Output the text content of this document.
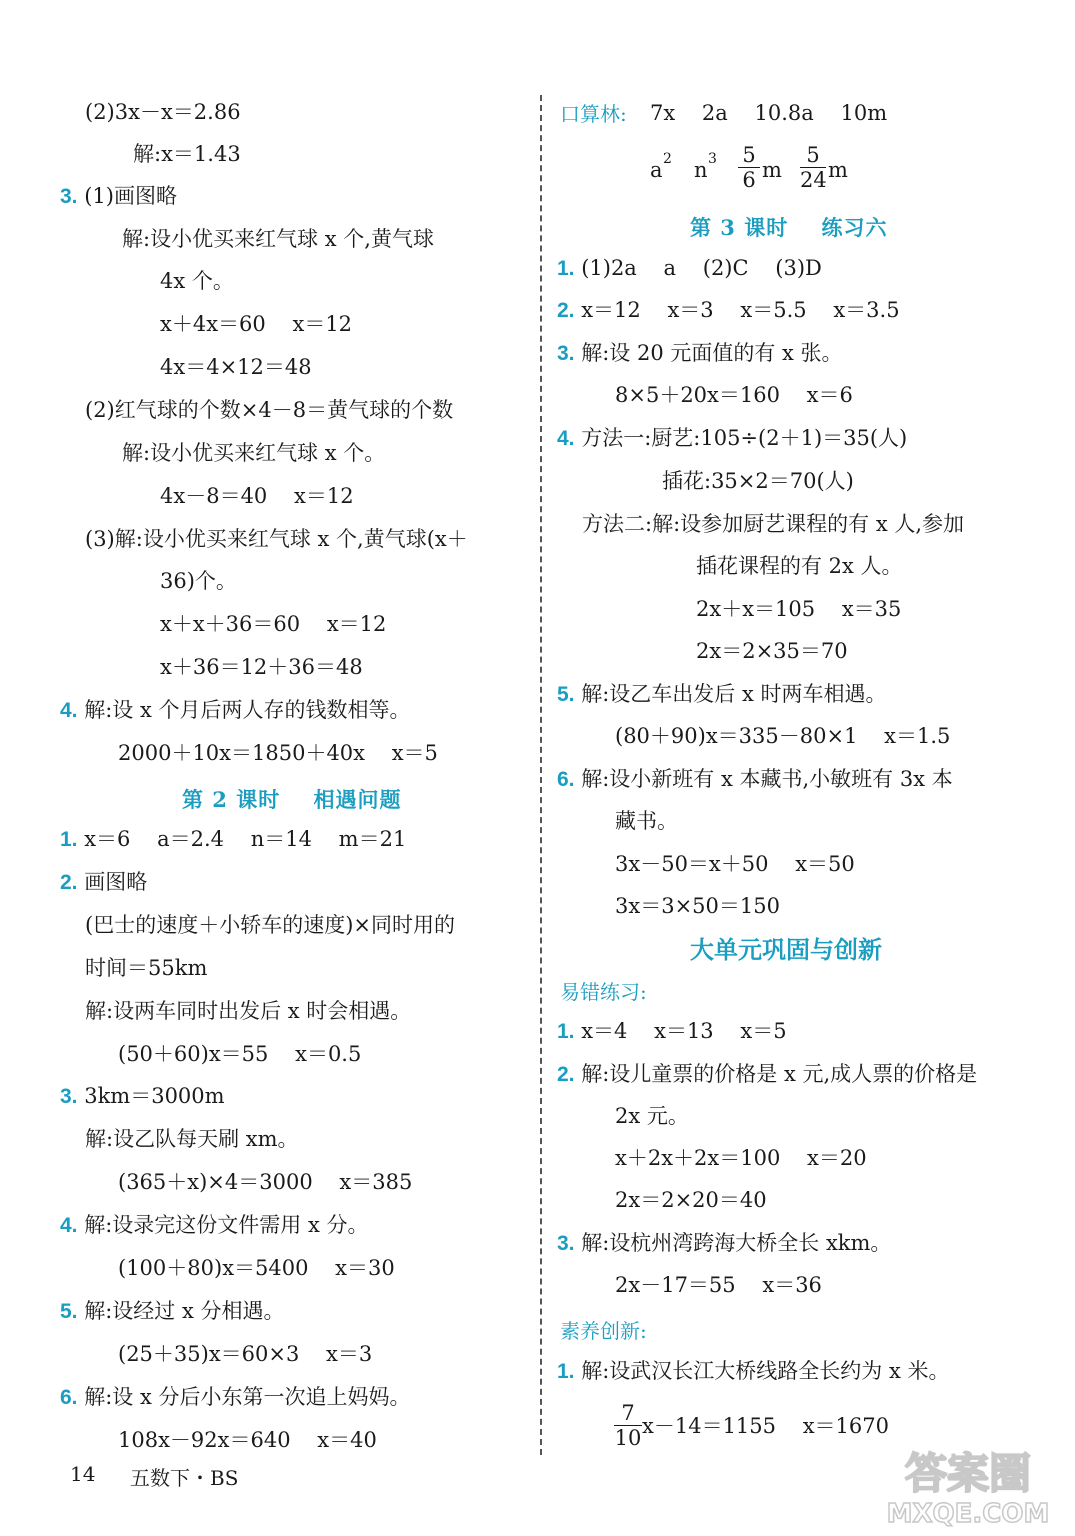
(2)3x－x＝2.86
解:x＝1.43
3. (1)画图略
解:设小优买来红气球 x 个,黄气球
4x 个。
x＋4x＝60    x＝12
4x＝4×12＝48
(2)红气球的个数×4－8＝黄气球的个数
解:设小优买来红气球 x 个。
4x－8＝40    x＝12
(3)解:设小优买来红气球 x 个,黄气球(x＋
36)个。
x＋x＋36＝60    x＝12
x＋36＝12＋36＝48
4. 解:设 x 个月后两人存的钱数相等。
2000＋10x＝1850＋40x    x＝5
第 2 课时    相遇问题
1. x＝6    a＝2.4    n＝14    m＝21
2. 画图略
(巴士的速度＋小轿车的速度)×同时用的
时间＝55km
解:设两车同时出发后 x 时会相遇。
(50＋60)x＝55    x＝0.5
3. 3km＝3000m
解:设乙队每天刷 xm。
(365＋x)×4＝3000    x＝385
4. 解:设录完这份文件需用 x 分。
(100＋80)x＝5400    x＝30
5. 解:设经过 x 分相遇。
(25＋35)x＝60×3    x＝3
6. 解:设 x 分后小东第一次追上妈妈。
108x－92x＝640    x＝40
口算林: 7x    2a    10.8a    10m
a 2 n $3 \frac{5}{6}$ m $\frac{5}{24}$ m
第 3 课时    练习六
1. (1)2a    a    (2)C    (3)D
2. x＝12    x＝3    x＝5.5    x＝3.5
3. 解:设 20 元面值的有 x 张。
8×5＋20x＝160    x＝6
4. 方法一:厨艺:105÷(2＋1)＝35(人)
插花:35×2＝70(人)
方法二:解:设参加厨艺课程的有 x 人,参加
插花课程的有 2x 人。
2x＋x＝105    x＝35
2x＝2×35＝70
5. 解:设乙车出发后 x 时两车相遇。
(80＋90)x＝335－80×1    x＝1.5
6. 解:设小新班有 x 本藏书,小敏班有 3x 本
藏书。
3x－50＝x＋50    x＝50
3x＝3×50＝150
大单元巩固与创新
易错练习:
1. x＝4    x＝13    x＝5
2. 解:设儿童票的价格是 x 元,成人票的价格是
2x 元。
x＋2x＋2x＝100    x＝20
2x＝2×20＝40
3. 解:设杭州湾跨海大桥全长 xkm。
2x－17＝55    x＝36
素养创新:
1. 解:设武汉长江大桥线路全长约为 x 米。
$\frac{7}{10} x-14=1155$    x＝1670
14 五数下・BS	答案圈
MXQE.COM
